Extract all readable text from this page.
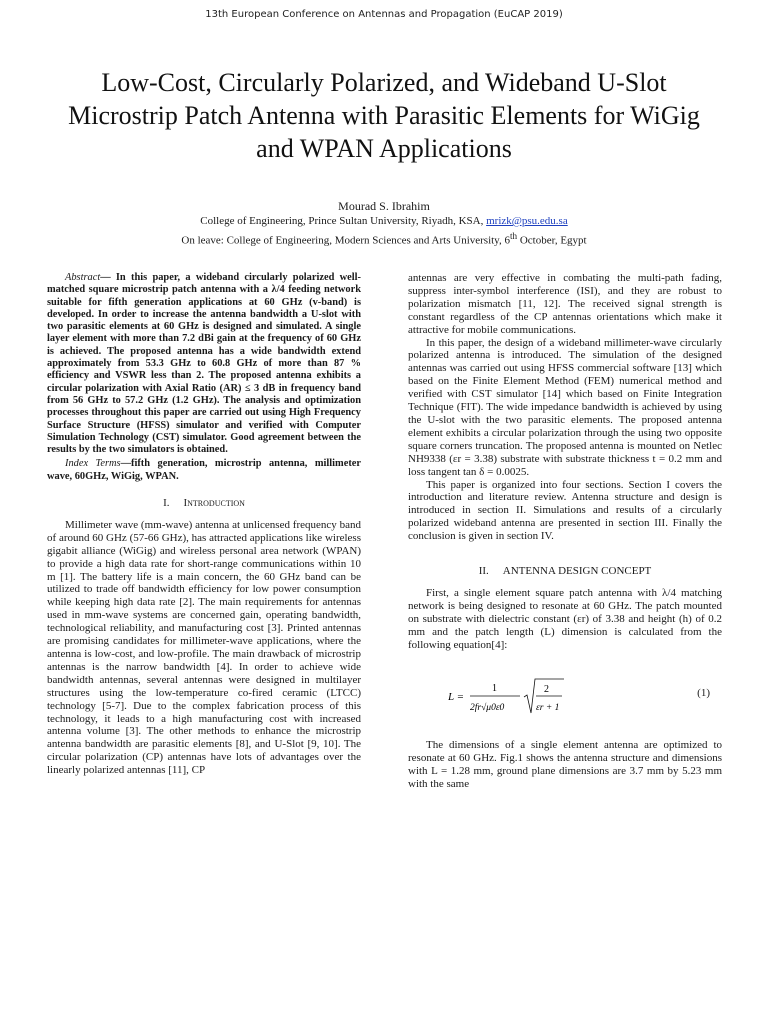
13th European Conference on Antennas and Propagation (EuCAP 2019)
Low-Cost, Circularly Polarized, and Wideband U-Slot Microstrip Patch Antenna with Parasitic Elements for WiGig and WPAN Applications
Mourad S. Ibrahim
College of Engineering, Prince Sultan University, Riyadh, KSA, mrizk@psu.edu.sa
On leave: College of Engineering, Modern Sciences and Arts University, 6th October, Egypt

Abstract— In this paper, a wideband circularly polarized well-matched square microstrip patch antenna with a λ/4 feeding network suitable for fifth generation applications at 60 GHz (v-band) is developed. In order to increase the antenna bandwidth a U-slot with two parasitic elements at 60 GHz is designed and simulated. A single layer element with more than 7.2 dBi gain at the frequency of 60 GHz is achieved. The proposed antenna has a wide bandwidth extend approximately from 53.3 GHz to 60.8 GHz of more than 87 % efficiency and VSWR less than 2. The proposed antenna exhibits a circular polarization with Axial Ratio (AR) ≤ 3 dB in frequency band from 56 GHz to 57.2 GHz (1.2 GHz). The analysis and optimization processes throughout this paper are carried out using High Frequency Surface Structure (HFSS) simulator and verified with Computer Simulation Technology (CST) simulator. Good agreement between the results by the two simulators is obtained.

Index Terms—fifth generation, microstrip antenna, millimeter wave, 60GHz, WiGig, WPAN.

I. Introduction

Millimeter wave (mm-wave) antenna at unlicensed frequency band of around 60 GHz (57-66 GHz), has attracted applications like wireless gigabit alliance (WiGig) and wireless personal area network (WPAN) to provide a high data rate for short-range communications within 10 m [1]. The battery life is a main concern, the 60 GHz band can be utilized to trade off bandwidth efficiency for low power consumption while keeping high data rate [2]. The main requirements for antennas used in mm-wave systems are concerned gain, operating bandwidth, technological reliability, and manufacturing cost [3]. Printed antennas are promising candidates for millimeter-wave applications, where the antenna is low-cost, and low-profile. The main drawback of microstrip antennas is the narrow bandwidth [4]. In order to achieve wide bandwidth antennas, several antennas were designed in multilayer structures using the low-temperature co-fired ceramic (LTCC) technology [5-7]. Due to the complex fabrication process of this technology, it leads to a high manufacturing cost with increased antenna volume [3]. The other methods to enhance the microstrip antenna bandwidth are parasitic elements [8], and U-Slot [9, 10]. The circular polarization (CP) antennas have lots of advantages over the linearly polarized antennas [11], CP

antennas are very effective in combating the multi-path fading, suppress inter-symbol interference (ISI), and they are robust to polarization mismatch [11, 12]. The received signal strength is constant regardless of the CP antennas orientations which make it attractive for mobile communications.

In this paper, the design of a wideband millimeter-wave circularly polarized antenna is introduced. The simulation of the designed antennas was carried out using HFSS commercial software [13] which based on the Finite Element Method (FEM) numerical method and verified with CST simulator [14] which based on Finite Integration Technique (FIT). The wide impedance bandwidth is achieved by using the U-slot with the two parasitic elements. The proposed antenna element exhibits a circular polarization through the using two opposite square corners truncation. The proposed antenna is mounted on Netlec NH9338 (εr = 3.38) substrate with substrate thickness t = 0.2 mm and loss tangent tan δ = 0.0025.

This paper is organized into four sections. Section I covers the introduction and literature review. Antenna structure and design is introduced in section II. Simulations and results of a circularly polarized wideband antenna are presented in section III. Finally the conclusion is given in section IV.

II. ANTENNA DESIGN CONCEPT

First, a single element square patch antenna with λ/4 matching network is being designed to resonate at 60 GHz. The patch mounted on substrate with dielectric constant (εr) of 3.38 and height (h) of 0.2 mm and the patch length (L) dimension is calculated from the following equation[4]:

L =
1
2fr√μ0ε0
2
εr + 1
(1)

The dimensions of a single element antenna are optimized to resonate at 60 GHz. Fig.1 shows the antenna structure and dimensions with L = 1.28 mm, ground plane dimensions are 3.7 mm by 5.23 mm with the same
